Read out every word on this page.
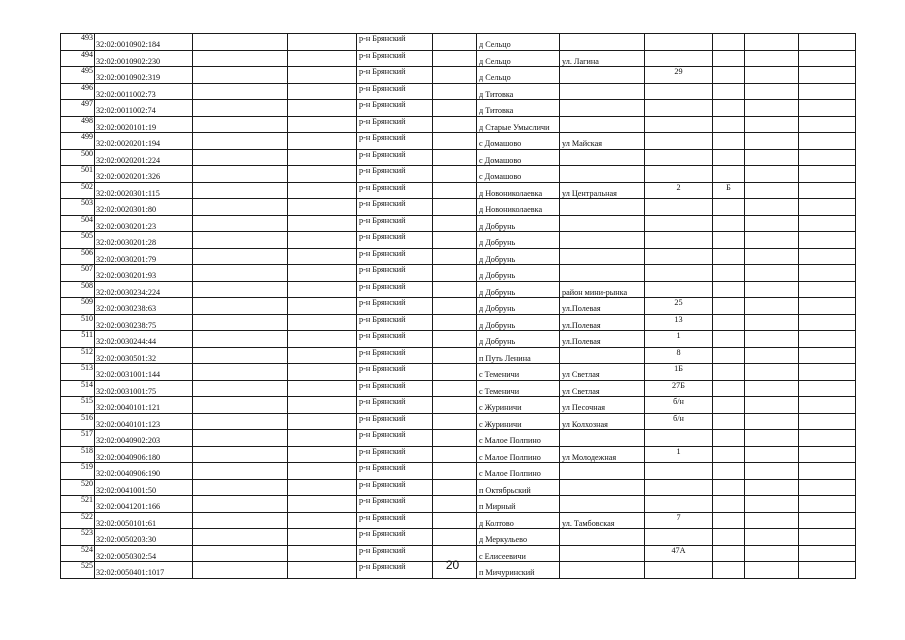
493	32:02:0010902:184			р-н Брянский		д Сельцо					
494	32:02:0010902:230			р-н Брянский		д Сельцо	ул. Лагина				
495	32:02:0010902:319			р-н Брянский		д Сельцо		29			
496	32:02:0011002:73			р-н Брянский		д Титовка					
497	32:02:0011002:74			р-н Брянский		д Титовка					
498	32:02:0020101:19			р-н Брянский		д Старые Умысличи					
499	32:02:0020201:194			р-н Брянский		с Домашово	ул Майская				
500	32:02:0020201:224			р-н Брянский		с Домашово					
501	32:02:0020201:326			р-н Брянский		с Домашово					
502	32:02:0020301:115			р-н Брянский		д Новониколаевка	ул Центральная	2	Б		
503	32:02:0020301:80			р-н Брянский		д Новониколаевка					
504	32:02:0030201:23			р-н Брянский		д Добрунь					
505	32:02:0030201:28			р-н Брянский		д Добрунь					
506	32:02:0030201:79			р-н Брянский		д Добрунь					
507	32:02:0030201:93			р-н Брянский		д Добрунь					
508	32:02:0030234:224			р-н Брянский		д Добрунь	район мини-рынка				
509	32:02:0030238:63			р-н Брянский		д Добрунь	ул.Полевая	25			
510	32:02:0030238:75			р-н Брянский		д Добрунь	ул.Полевая	13			
511	32:02:0030244:44			р-н Брянский		д Добрунь	ул.Полевая	1			
512	32:02:0030501:32			р-н Брянский		п Путь Ленина		8			
513	32:02:0031001:144			р-н Брянский		с Теменичи	ул Светлая	1Б			
514	32:02:0031001:75			р-н Брянский		с Теменичи	ул Светлая	27Б			
515	32:02:0040101:121			р-н Брянский		с Журиничи	ул Песочная	б/н			
516	32:02:0040101:123			р-н Брянский		с Журиничи	ул Колхозная	б/н			
517	32:02:0040902:203			р-н Брянский		с Малое Полпино					
518	32:02:0040906:180			р-н Брянский		с Малое Полпино	ул Молодежная	1			
519	32:02:0040906:190			р-н Брянский		с Малое Полпино					
520	32:02:0041001:50			р-н Брянский		п Октябрьский					
521	32:02:0041201:166			р-н Брянский		п Мирный					
522	32:02:0050101:61			р-н Брянский		д Колтово	ул. Тамбовская	7			
523	32:02:0050203:30			р-н Брянский		д Меркульево					
524	32:02:0050302:54			р-н Брянский		с Елисеевичи		47А			
525	32:02:0050401:1017			р-н Брянский		п Мичуринский					
20
